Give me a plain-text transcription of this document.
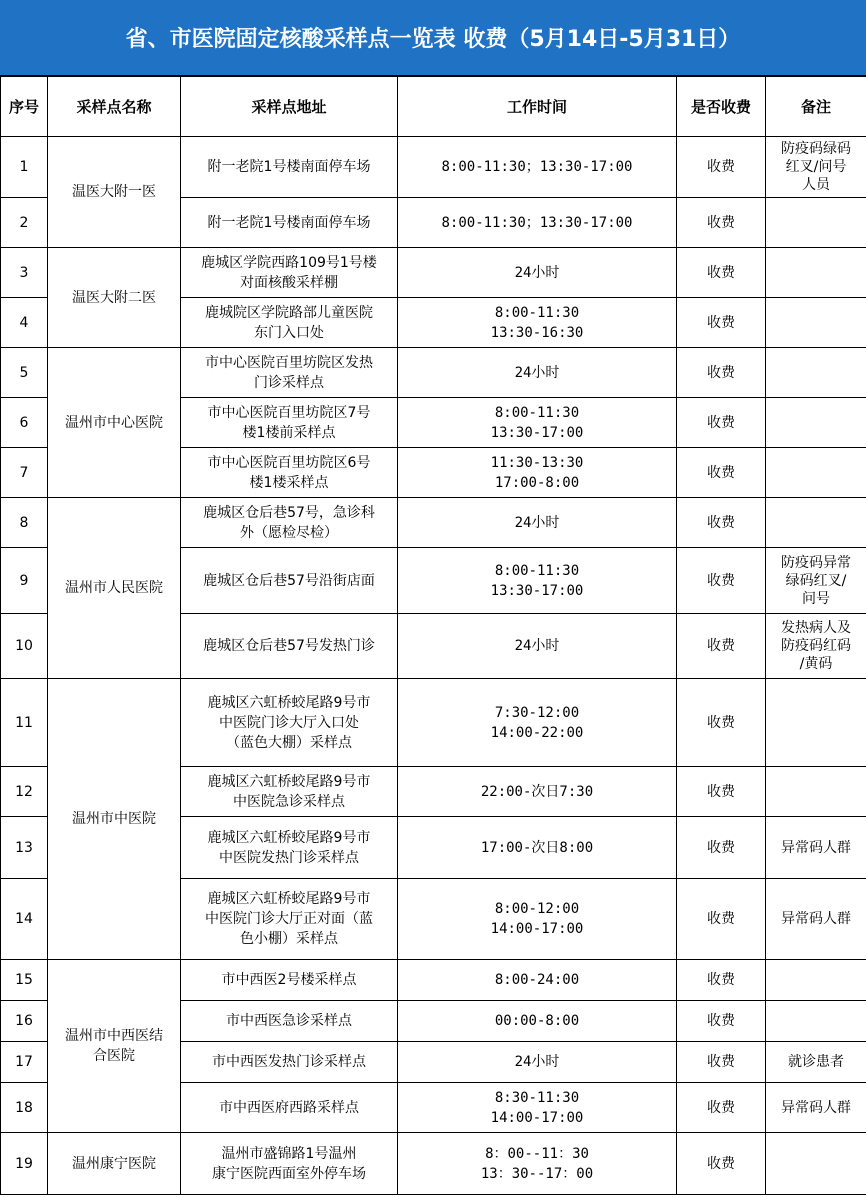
省、市医院固定核酸采样点一览表 收费（5月14日-5月31日）
序号	采样点名称	采样点地址	工作时间	是否收费	备注
1	温医大附一医	附一老院1号楼南面停车场	8:00-11:30；13:30-17:00	收费	防疫码绿码
红叉/问号
人员
2		附一老院1号楼南面停车场	8:00-11:30；13:30-17:00	收费	
3	温医大附二医	鹿城区学院西路109号1号楼
对面核酸采样棚	24小时	收费	
4		鹿城院区学院路部儿童医院
东门入口处	8:00-11:30
13:30-16:30	收费	
5	温州市中心医院	市中心医院百里坊院区发热
门诊采样点	24小时	收费	
6		市中心医院百里坊院区7号
楼1楼前采样点	8:00-11:30
13:30-17:00	收费	
7		市中心医院百里坊院区6号
楼1楼采样点	11:30-13:30
17:00-8:00	收费	
8	温州市人民医院	鹿城区仓后巷57号，急诊科
外（愿检尽检）	24小时	收费	
9		鹿城区仓后巷57号沿街店面	8:00-11:30
13:30-17:00	收费	防疫码异常
绿码红叉/
问号
10		鹿城区仓后巷57号发热门诊	24小时	收费	发热病人及
防疫码红码
/黄码
11	温州市中医院	鹿城区六虹桥蛟尾路9号市
中医院门诊大厅入口处
（蓝色大棚）采样点	7:30-12:00
14:00-22:00	收费	
12		鹿城区六虹桥蛟尾路9号市
中医院急诊采样点	22:00-次日7:30	收费	
13		鹿城区六虹桥蛟尾路9号市
中医院发热门诊采样点	17:00-次日8:00	收费	异常码人群
14		鹿城区六虹桥蛟尾路9号市
中医院门诊大厅正对面（蓝
色小棚）采样点	8:00-12:00
14:00-17:00	收费	异常码人群
15	温州市中西医结
合医院	市中西医2号楼采样点	8:00-24:00	收费	
16		市中西医急诊采样点	00:00-8:00	收费	
17		市中西医发热门诊采样点	24小时	收费	就诊患者
18		市中西医府西路采样点	8:30-11:30
14:00-17:00	收费	异常码人群
19	温州康宁医院	温州市盛锦路1号温州
康宁医院西面室外停车场	8：00--11：30
13：30--17：00	收费	
